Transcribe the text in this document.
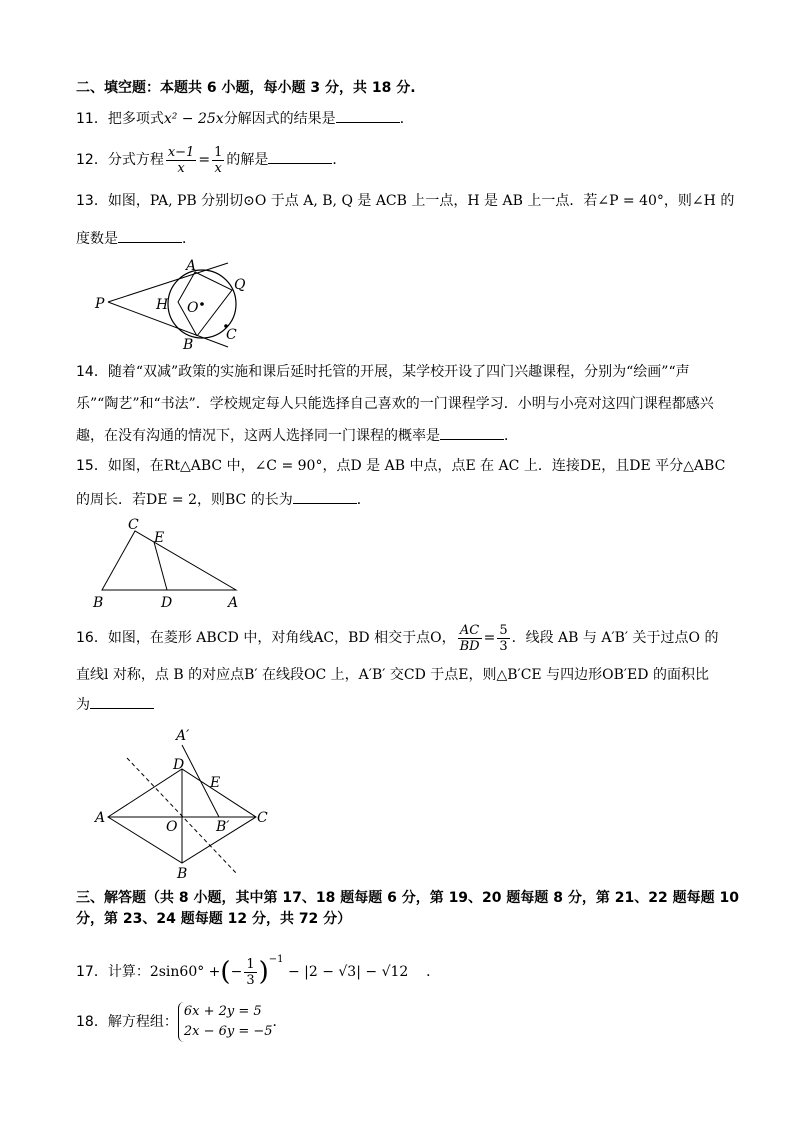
二、填空题：本题共 6 小题，每小题 3 分，共 18 分.
11．把多项式x² − 25x分解因式的结果是	．
12．分式方程 $\frac{x-1}{x} = \frac{1}{x}$ 的解是	．
13．如图，PA, PB 分别切⊙O 于点 A, B, Q 是 ACB 上一点，H 是 AB 上一点．若∠P = 40°，则∠H 的
度数是	．
A
B
P
Q
C
H O
14．随着“双减”政策的实施和课后延时托管的开展，某学校开设了四门兴趣课程，分别为“绘画”“声
乐”“陶艺”和“书法”．学校规定每人只能选择自己喜欢的一门课程学习．小明与小亮对这四门课程都感兴
趣，在没有沟通的情况下，这两人选择同一门课程的概率是	．
15．如图，在Rt△ABC 中，∠C = 90°，点D 是 AB 中点，点E 在 AC 上．连接DE，且DE 平分△ABC
的周长．若DE = 2，则BC 的长为	．
C
E
B	D	A
16．如图，在菱形 ABCD 中，对角线AC，BD 相交于点O， $\frac{AC}{BD} = \frac{5}{3}$ ．线段 AB 与 A′B′ 关于过点O 的
直线l 对称，点 B 的对应点B′ 在线段OC 上，A′B′ 交CD 于点E，则△B′CE 与四边形OB′ED 的面积比
为
A′
D
E
A
O	B′
C
B
三、解答题（共 8 小题，其中第 17、18 题每题 6 分，第 19、20 题每题 8 分，第 21、22 题每题 10
分，第 23、24 题每题 12 分，共 72 分）
17．计算：2sin60° +(− $\frac{1}{3} )^{-1} - |2 - √3| - √12$ ．
18．解方程组：
6x + 2y = 5
2x − 6y = −5
．
